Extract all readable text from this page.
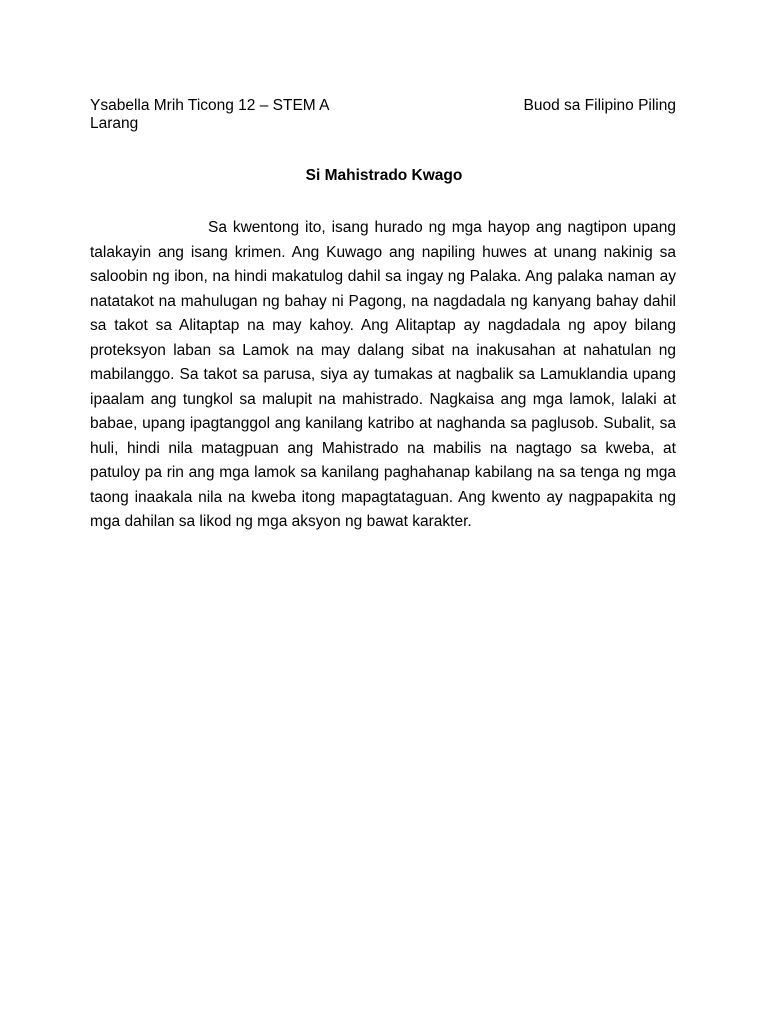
Ysabella Mrih Ticong 12 – STEM A	Buod sa Filipino Piling
Larang
Si Mahistrado Kwago

Sa kwentong ito, isang hurado ng mga hayop ang nagtipon upang talakayin ang isang krimen. Ang Kuwago ang napiling huwes at unang nakinig sa saloobin ng ibon, na hindi makatulog dahil sa ingay ng Palaka. Ang palaka naman ay natatakot na mahulugan ng bahay ni Pagong, na nagdadala ng kanyang bahay dahil sa takot sa Alitaptap na may kahoy. Ang Alitaptap ay nagdadala ng apoy bilang proteksyon laban sa Lamok na may dalang sibat na inakusahan at nahatulan ng mabilanggo. Sa takot sa parusa, siya ay tumakas at nagbalik sa Lamuklandia upang ipaalam ang tungkol sa malupit na mahistrado. Nagkaisa ang mga lamok, lalaki at babae, upang ipagtanggol ang kanilang katribo at naghanda sa paglusob. Subalit, sa huli, hindi nila matagpuan ang Mahistrado na mabilis na nagtago sa kweba, at patuloy pa rin ang mga lamok sa kanilang paghahanap kabilang na sa tenga ng mga taong inaakala nila na kweba itong mapagtataguan. Ang kwento ay nagpapakita ng mga dahilan sa likod ng mga aksyon ng bawat karakter.
